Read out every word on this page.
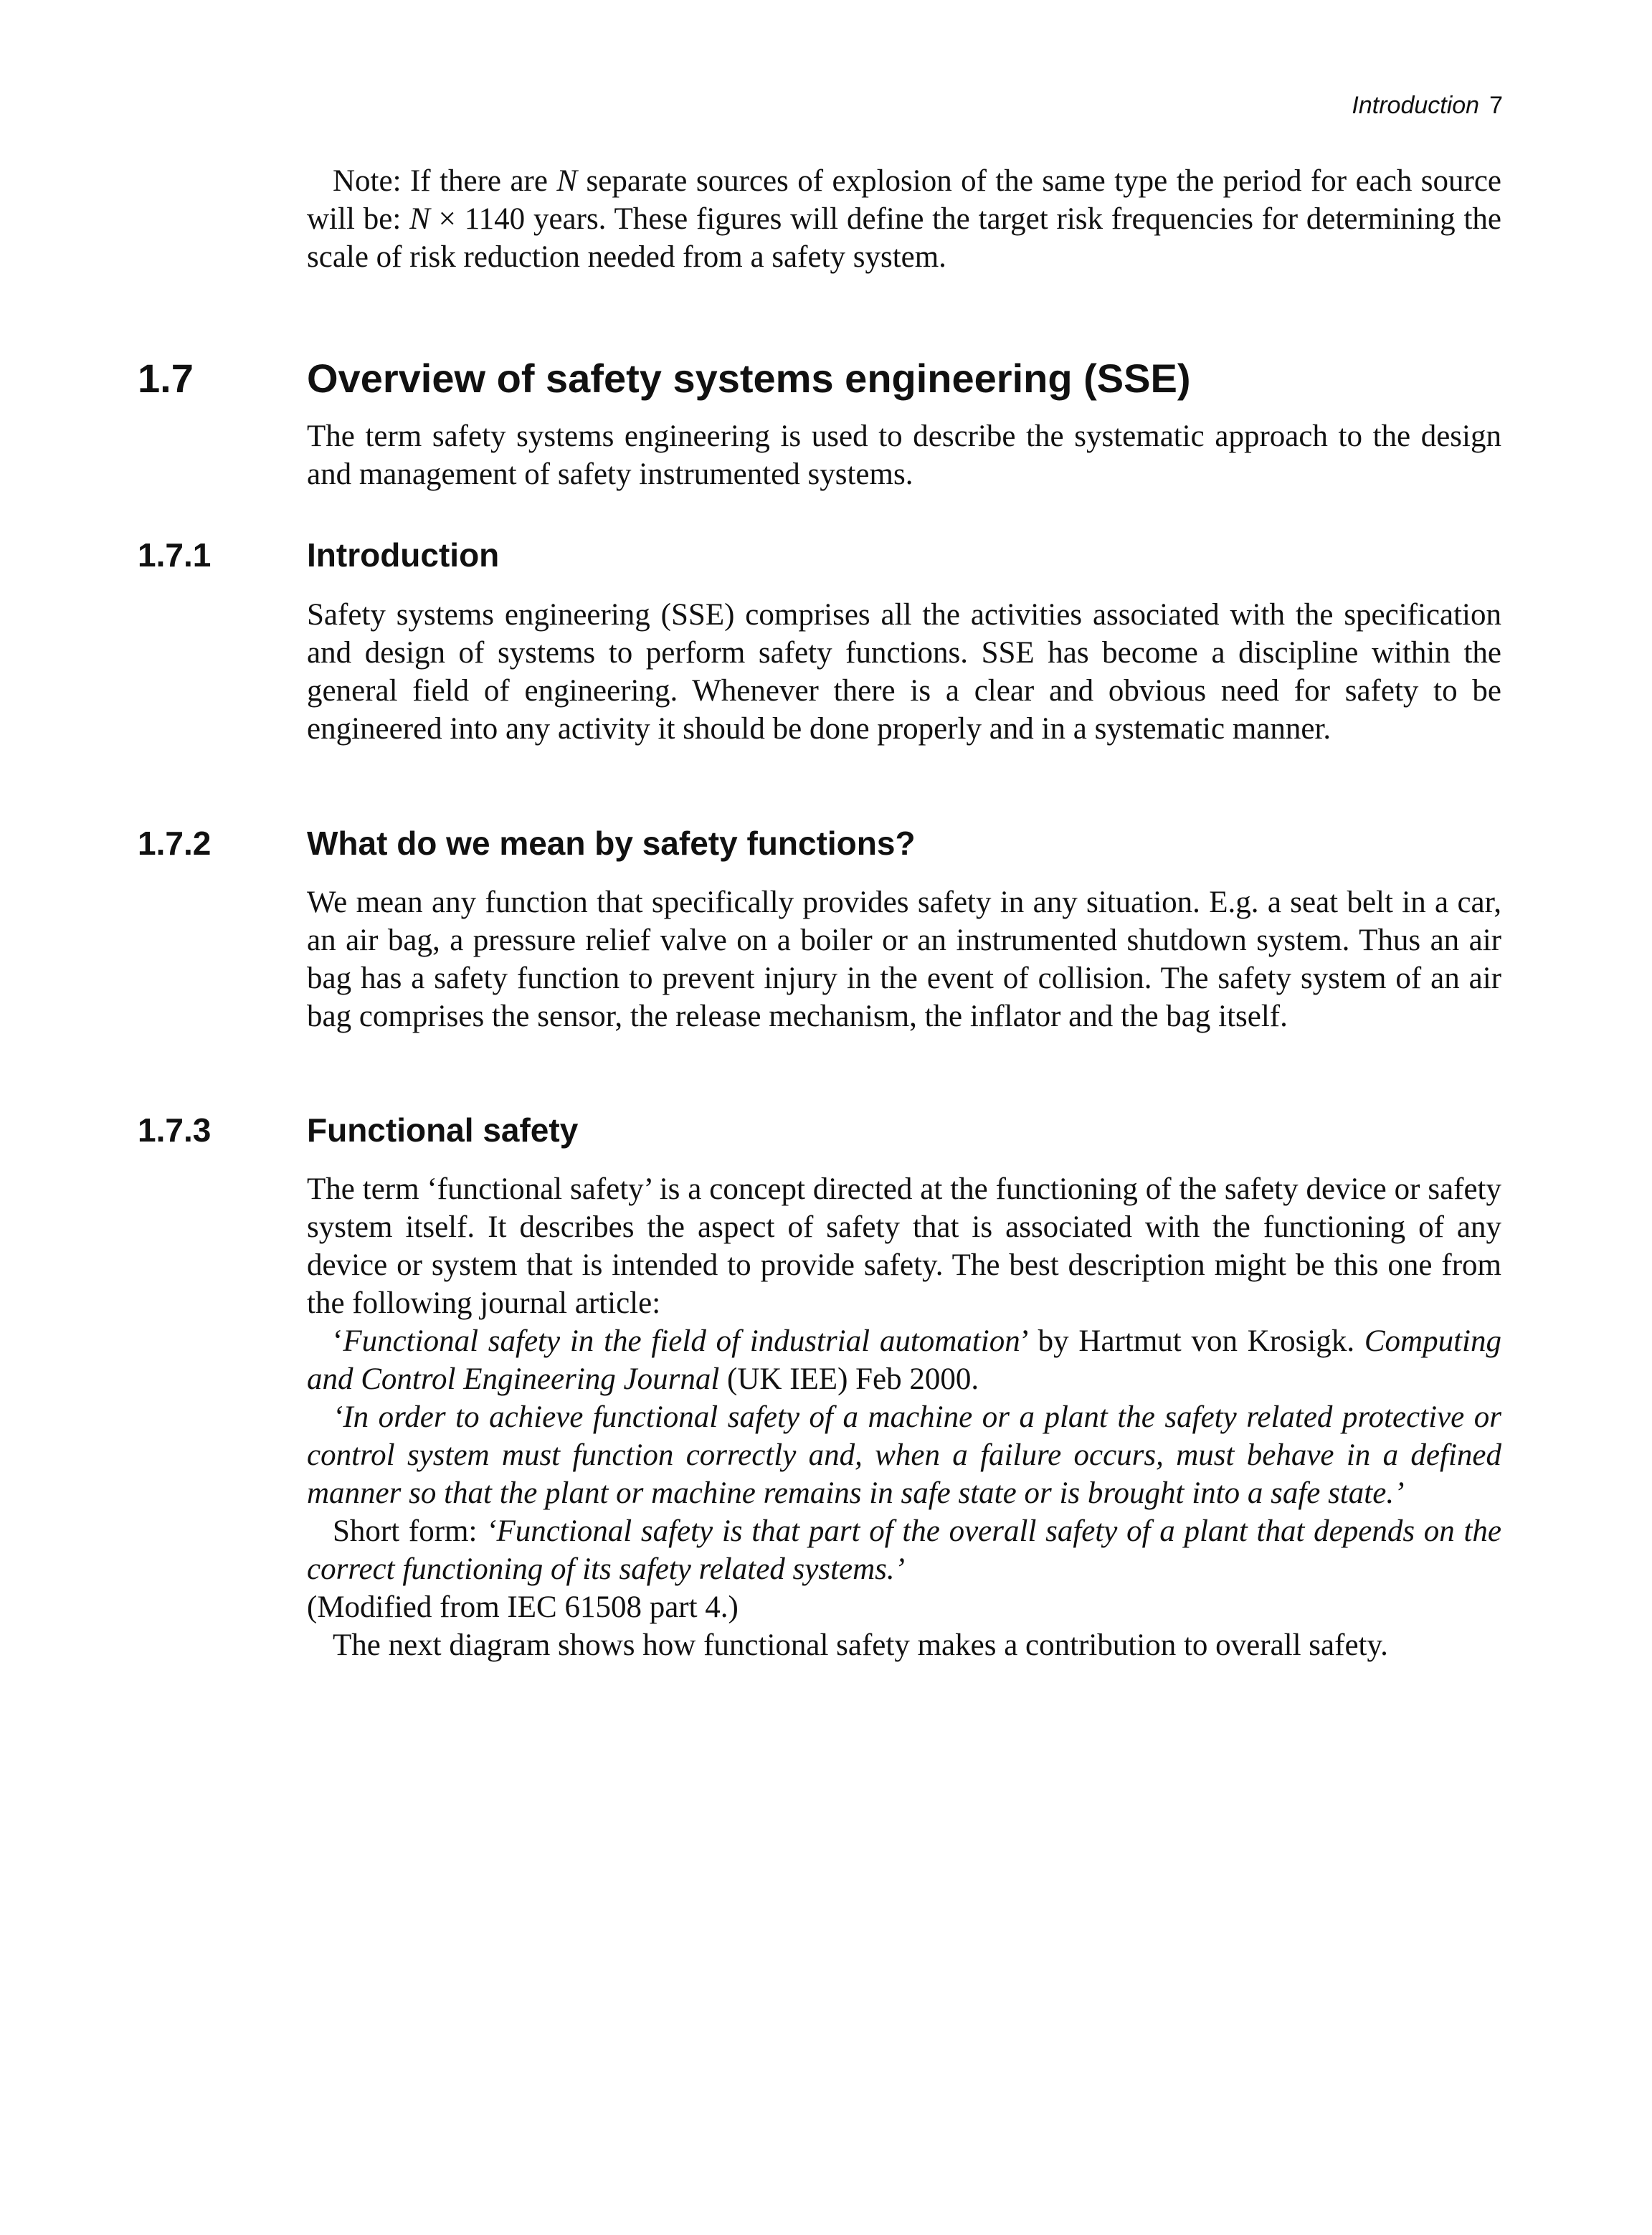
Introduction 7

Note: If there are N separate sources of explosion of the same type the period for each source will be: N × 1140 years. These figures will define the target risk frequencies for determining the scale of risk reduction needed from a safety system.

1.7	Overview of safety systems engineering (SSE)

The term safety systems engineering is used to describe the systematic approach to the design and management of safety instrumented systems.

1.7.1	Introduction

Safety systems engineering (SSE) comprises all the activities associated with the specification and design of systems to perform safety functions. SSE has become a discipline within the general field of engineering. Whenever there is a clear and obvious need for safety to be engineered into any activity it should be done properly and in a systematic manner.

1.7.2	What do we mean by safety functions?

We mean any function that specifically provides safety in any situation. E.g. a seat belt in a car, an air bag, a pressure relief valve on a boiler or an instrumented shutdown system. Thus an air bag has a safety function to prevent injury in the event of collision. The safety system of an air bag comprises the sensor, the release mechanism, the inflator and the bag itself.

1.7.3	Functional safety

The term ‘functional safety’ is a concept directed at the functioning of the safety device or safety system itself. It describes the aspect of safety that is associated with the functioning of any device or system that is intended to provide safety. The best description might be this one from the following journal article:

‘Functional safety in the field of industrial automation’ by Hartmut von Krosigk. Computing and Control Engineering Journal (UK IEE) Feb 2000.

‘In order to achieve functional safety of a machine or a plant the safety related protective or control system must function correctly and, when a failure occurs, must behave in a defined manner so that the plant or machine remains in safe state or is brought into a safe state.’

Short form: ‘Functional safety is that part of the overall safety of a plant that depends on the correct functioning of its safety related systems.’

(Modified from IEC 61508 part 4.)

The next diagram shows how functional safety makes a contribution to overall safety.
